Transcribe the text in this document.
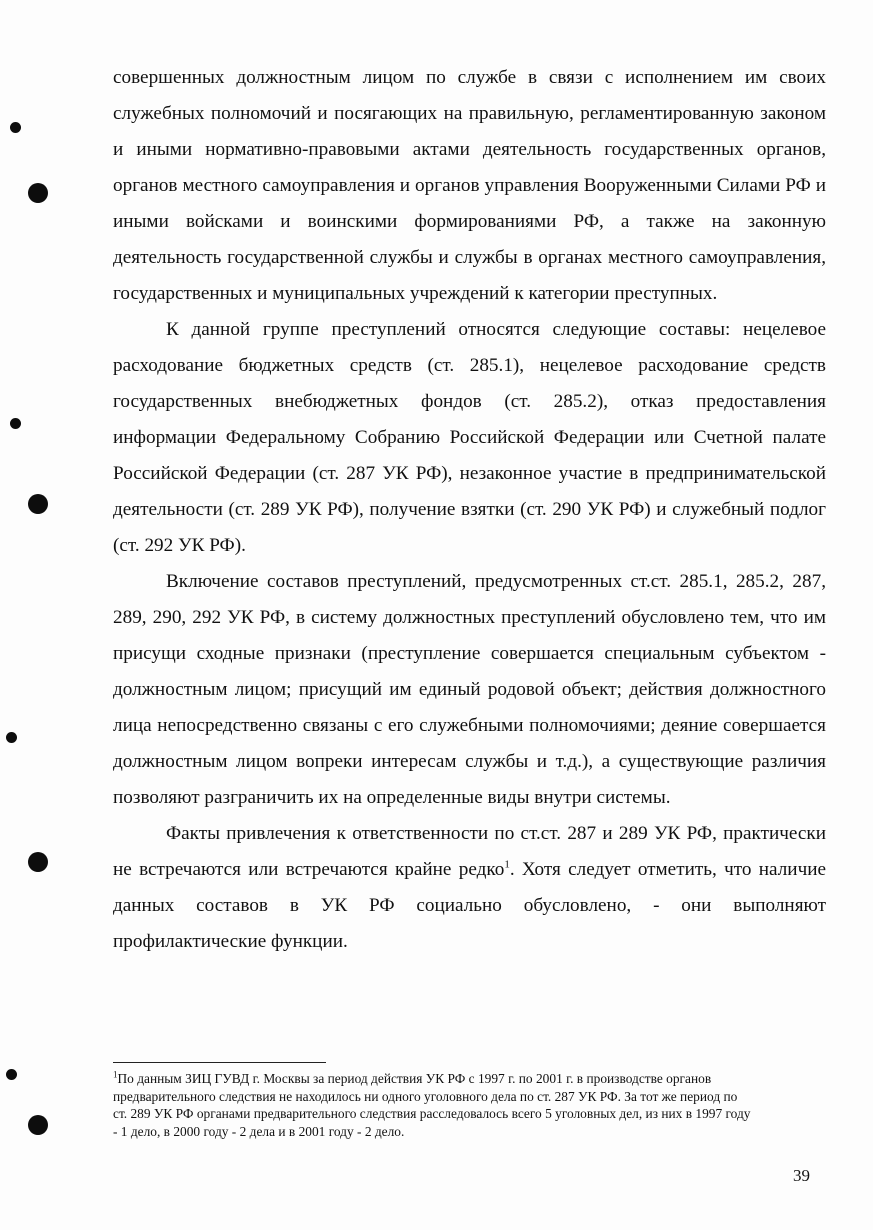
совершенных должностным лицом по службе в связи с исполнением им своих служебных полномочий и посягающих на правильную, регламентированную законом и иными нормативно-правовыми актами деятельность государственных органов, органов местного самоуправления и органов управления Вооруженными Силами РФ и иными войсками и воинскими формированиями РФ, а также на законную деятельность государственной службы и службы в органах местного самоуправления, государственных и муниципальных учреждений к категории преступных.

К данной группе преступлений относятся следующие составы: нецелевое расходование бюджетных средств (ст. 285.1), нецелевое расходование средств государственных внебюджетных фондов (ст. 285.2), отказ предоставления информации Федеральному Собранию Российской Федерации или Счетной палате Российской Федерации (ст. 287 УК РФ), незаконное участие в предпринимательской деятельности (ст. 289 УК РФ), получение взятки (ст. 290 УК РФ) и служебный подлог (ст. 292 УК РФ).

Включение составов преступлений, предусмотренных ст.ст. 285.1, 285.2, 287, 289, 290, 292 УК РФ, в систему должностных преступлений обусловлено тем, что им присущи сходные признаки (преступление совершается специальным субъектом - должностным лицом; присущий им единый родовой объект; действия должностного лица непосредственно связаны с его служебными полномочиями; деяние совершается должностным лицом вопреки интересам службы и т.д.), а существующие различия позволяют разграничить их на определенные виды внутри системы.

Факты привлечения к ответственности по ст.ст. 287 и 289 УК РФ, практически не встречаются или встречаются крайне редко$^1$. Хотя следует отметить, что наличие данных составов в УК РФ социально обусловлено, - они выполняют профилактические функции.

$^1$По данным ЗИЦ ГУВД г. Москвы за период действия УК РФ с 1997 г. по 2001 г. в производстве органов предварительного следствия не находилось ни одного уголовного дела по ст. 287 УК РФ. За тот же период по ст. 289 УК РФ органами предварительного следствия расследовалось всего 5 уголовных дел, из них в 1997 году - 1 дело, в 2000 году - 2 дела и в 2001 году - 2 дело.
39
